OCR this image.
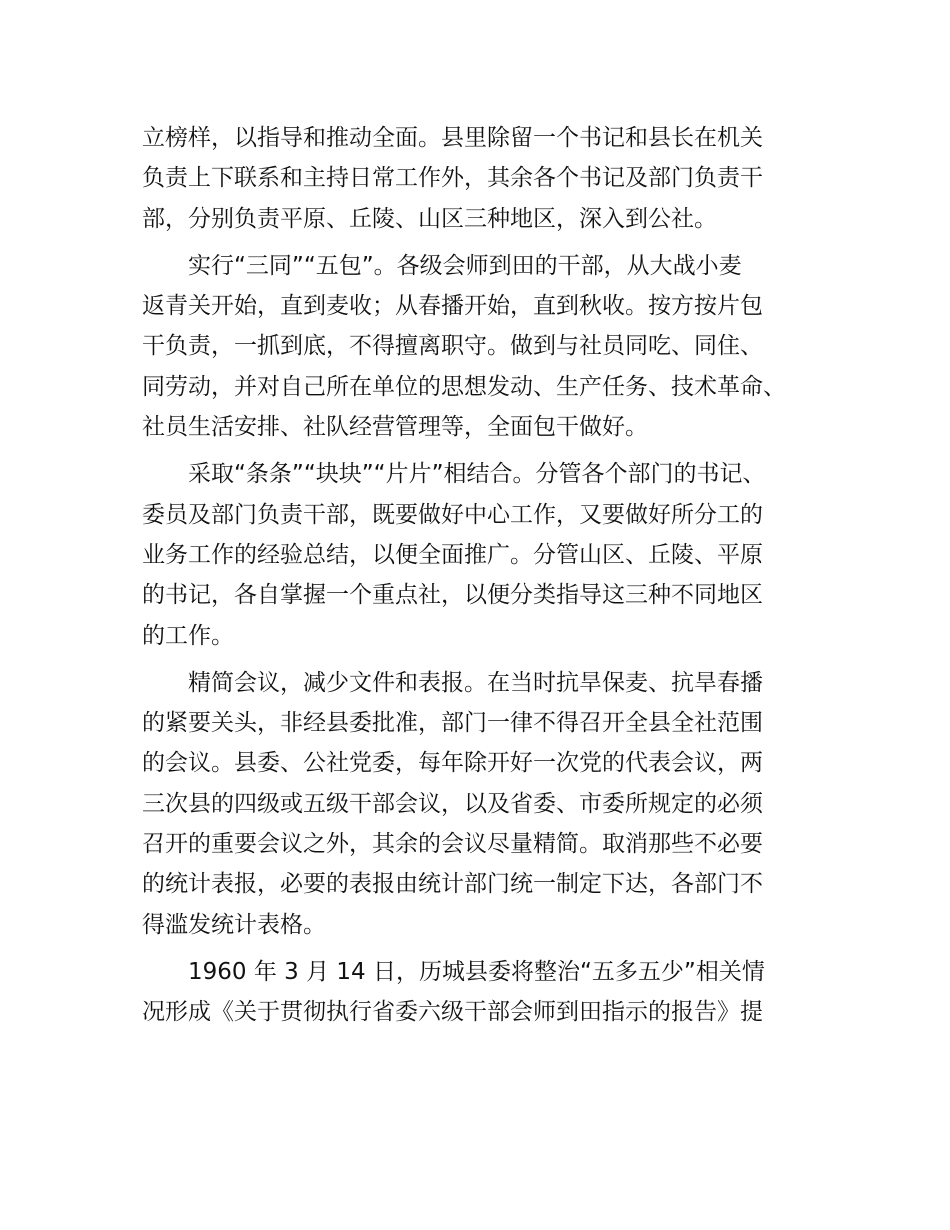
立榜样，以指导和推动全面。县里除留一个书记和县长在机关
负责上下联系和主持日常工作外，其余各个书记及部门负责干
部，分别负责平原、丘陵、山区三种地区，深入到公社。
　　实行“三同”“五包”。各级会师到田的干部，从大战小麦
返青关开始，直到麦收；从春播开始，直到秋收。按方按片包
干负责，一抓到底，不得擅离职守。做到与社员同吃、同住、
同劳动，并对自己所在单位的思想发动、生产任务、技术革命、
社员生活安排、社队经营管理等，全面包干做好。
　　采取“条条”“块块”“片片”相结合。分管各个部门的书记、
委员及部门负责干部，既要做好中心工作，又要做好所分工的
业务工作的经验总结，以便全面推广。分管山区、丘陵、平原
的书记，各自掌握一个重点社，以便分类指导这三种不同地区
的工作。
　　精简会议，减少文件和表报。在当时抗旱保麦、抗旱春播
的紧要关头，非经县委批准，部门一律不得召开全县全社范围
的会议。县委、公社党委，每年除开好一次党的代表会议，两
三次县的四级或五级干部会议，以及省委、市委所规定的必须
召开的重要会议之外，其余的会议尽量精简。取消那些不必要
的统计表报，必要的表报由统计部门统一制定下达，各部门不
得滥发统计表格。
　　1960 年 3 月 14 日，历城县委将整治“五多五少”相关情
况形成《关于贯彻执行省委六级干部会师到田指示的报告》提
